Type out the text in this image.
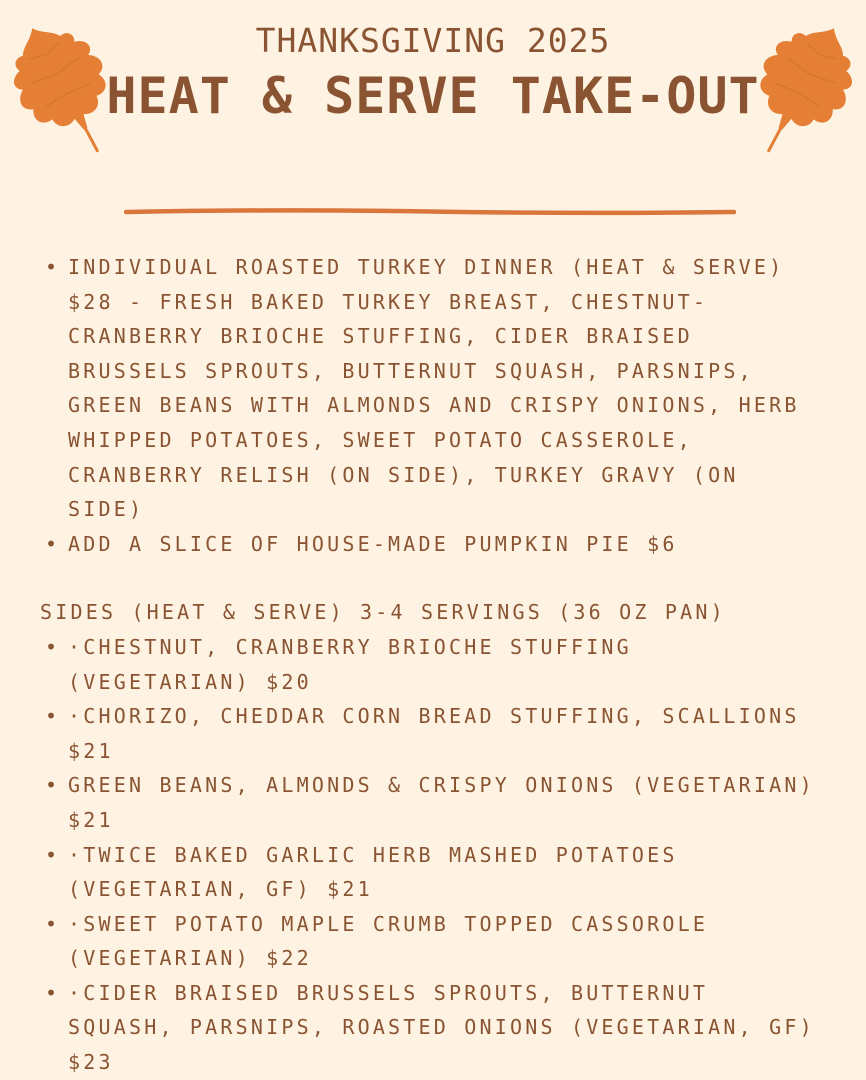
THANKSGIVING 2025
HEAT & SERVE TAKE-OUT
• INDIVIDUAL ROASTED TURKEY DINNER (HEAT & SERVE) $28 - FRESH BAKED TURKEY BREAST, CHESTNUT-CRANBERRY BRIOCHE STUFFING, CIDER BRAISED BRUSSELS SPROUTS, BUTTERNUT SQUASH, PARSNIPS, GREEN BEANS WITH ALMONDS AND CRISPY ONIONS, HERB WHIPPED POTATOES, SWEET POTATO CASSEROLE, CRANBERRY RELISH (ON SIDE), TURKEY GRAVY (ON SIDE)
• ADD A SLICE OF HOUSE-MADE PUMPKIN PIE $6
SIDES (HEAT & SERVE) 3-4 SERVINGS (36 OZ PAN)
• ·CHESTNUT, CRANBERRY BRIOCHE STUFFING (VEGETARIAN) $20
• ·CHORIZO, CHEDDAR CORN BREAD STUFFING, SCALLIONS $21
• GREEN BEANS, ALMONDS & CRISPY ONIONS (VEGETARIAN) $21
• ·TWICE BAKED GARLIC HERB MASHED POTATOES (VEGETARIAN, GF) $21
• ·SWEET POTATO MAPLE CRUMB TOPPED CASSOROLE (VEGETARIAN) $22
• ·CIDER BRAISED BRUSSELS SPROUTS, BUTTERNUT SQUASH, PARSNIPS, ROASTED ONIONS (VEGETARIAN, GF) $23
